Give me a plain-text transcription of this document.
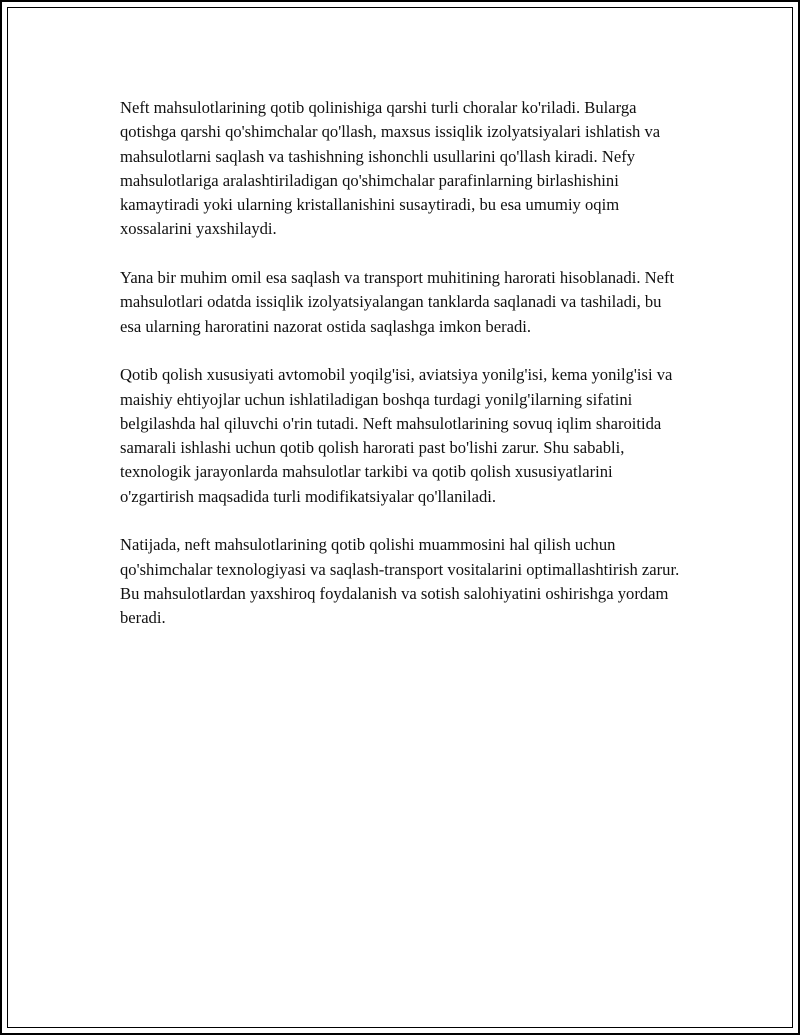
Neft mahsulotlarining qotib qolinishiga qarshi turli choralar ko'riladi. Bularga qotishga qarshi qo'shimchalar qo'llash, maxsus issiqlik izolyatsiyalari ishlatish va mahsulotlarni saqlash va tashishning ishonchli usullarini qo'llash kiradi. Nefy mahsulotlariga aralashtiriladigan qo'shimchalar parafinlarning birlashishini kamaytiradi yoki ularning kristallanishini susaytiradi, bu esa umumiy oqim xossalarini yaxshilaydi.

Yana bir muhim omil esa saqlash va transport muhitining harorati hisoblanadi. Neft mahsulotlari odatda issiqlik izolyatsiyalangan tanklarda saqlanadi va tashiladi, bu esa ularning haroratini nazorat ostida saqlashga imkon beradi.

Qotib qolish xususiyati avtomobil yoqilg'isi, aviatsiya yonilg'isi, kema yonilg'isi va maishiy ehtiyojlar uchun ishlatiladigan boshqa turdagi yonilg'ilarning sifatini belgilashda hal qiluvchi o'rin tutadi. Neft mahsulotlarining sovuq iqlim sharoitida samarali ishlashi uchun qotib qolish harorati past bo'lishi zarur. Shu sababli, texnologik jarayonlarda mahsulotlar tarkibi va qotib qolish xususiyatlarini o'zgartirish maqsadida turli modifikatsiyalar qo'llaniladi.

Natijada, neft mahsulotlarining qotib qolishi muammosini hal qilish uchun qo'shimchalar texnologiyasi va saqlash-transport vositalarini optimallashtirish zarur. Bu mahsulotlardan yaxshiroq foydalanish va sotish salohiyatini oshirishga yordam beradi.
